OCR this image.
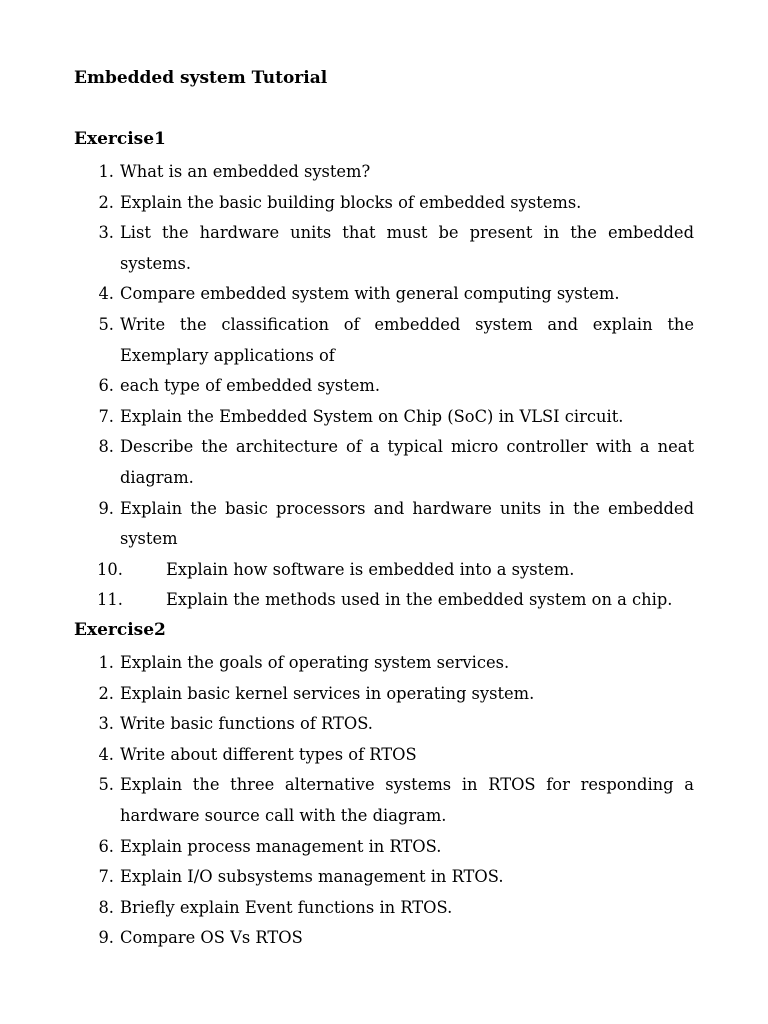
Embedded system Tutorial
Exercise1
1. What is an embedded system?
2. Explain the basic building blocks of embedded systems.
3. List the hardware units that must be present in the embedded systems.
4. Compare embedded system with general computing system.
5. Write the classification of embedded system and explain the Exemplary applications of
6. each type of embedded system.
7. Explain the Embedded System on Chip (SoC) in VLSI circuit.
8. Describe the architecture of a typical micro controller with a neat diagram.
9. Explain the basic processors and hardware units in the embedded system
10.	Explain how software is embedded into a system.
11.	Explain the methods used in the embedded system on a chip.
Exercise2
1. Explain the goals of operating system services.
2. Explain basic kernel services in operating system.
3. Write basic functions of RTOS.
4. Write about different types of RTOS
5. Explain the three alternative systems in RTOS for responding a hardware source call with the diagram.
6. Explain process management in RTOS.
7. Explain I/O subsystems management in RTOS.
8. Briefly explain Event functions in RTOS.
9. Compare OS Vs RTOS
